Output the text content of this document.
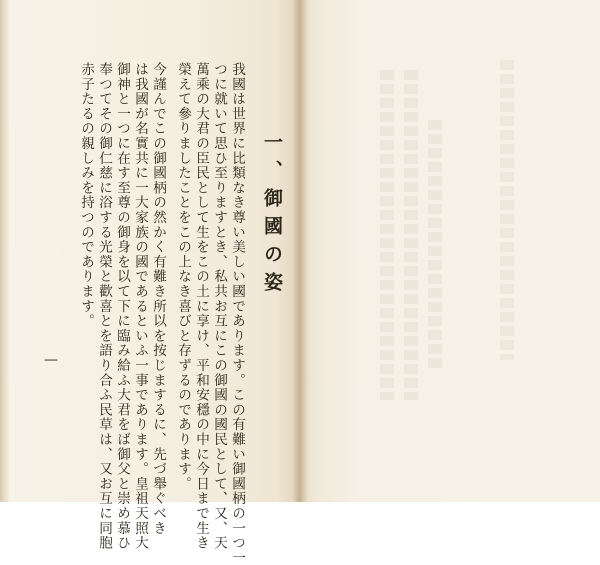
一、御國の姿
我國は世界に比類なき尊い美しい國であります。この有難い御國柄の一つ一
つに就いて思ひ至りますとき、私共お互にこの御國の國民として、又、天
萬乘の大君の臣民として生をこの土に享け、平和安穩の中に今日まで生き
榮えて參りましたことをこの上なき喜びと存ずるのであります。
今謹んでこの御國柄の然かく有難き所以を按じまするに、先づ舉ぐべき
は我國が名實共に一大家族の國であるといふ一事であります。皇祖天照大
御神と一つに在す至尊の御身を以て下に臨み給ふ大君をば御父と崇め慕ひ
奉つてその御仁慈に浴する光榮と歡喜とを語り合ふ民草は、又お互に同胞
赤子たるの親しみを持つのであります。
—
